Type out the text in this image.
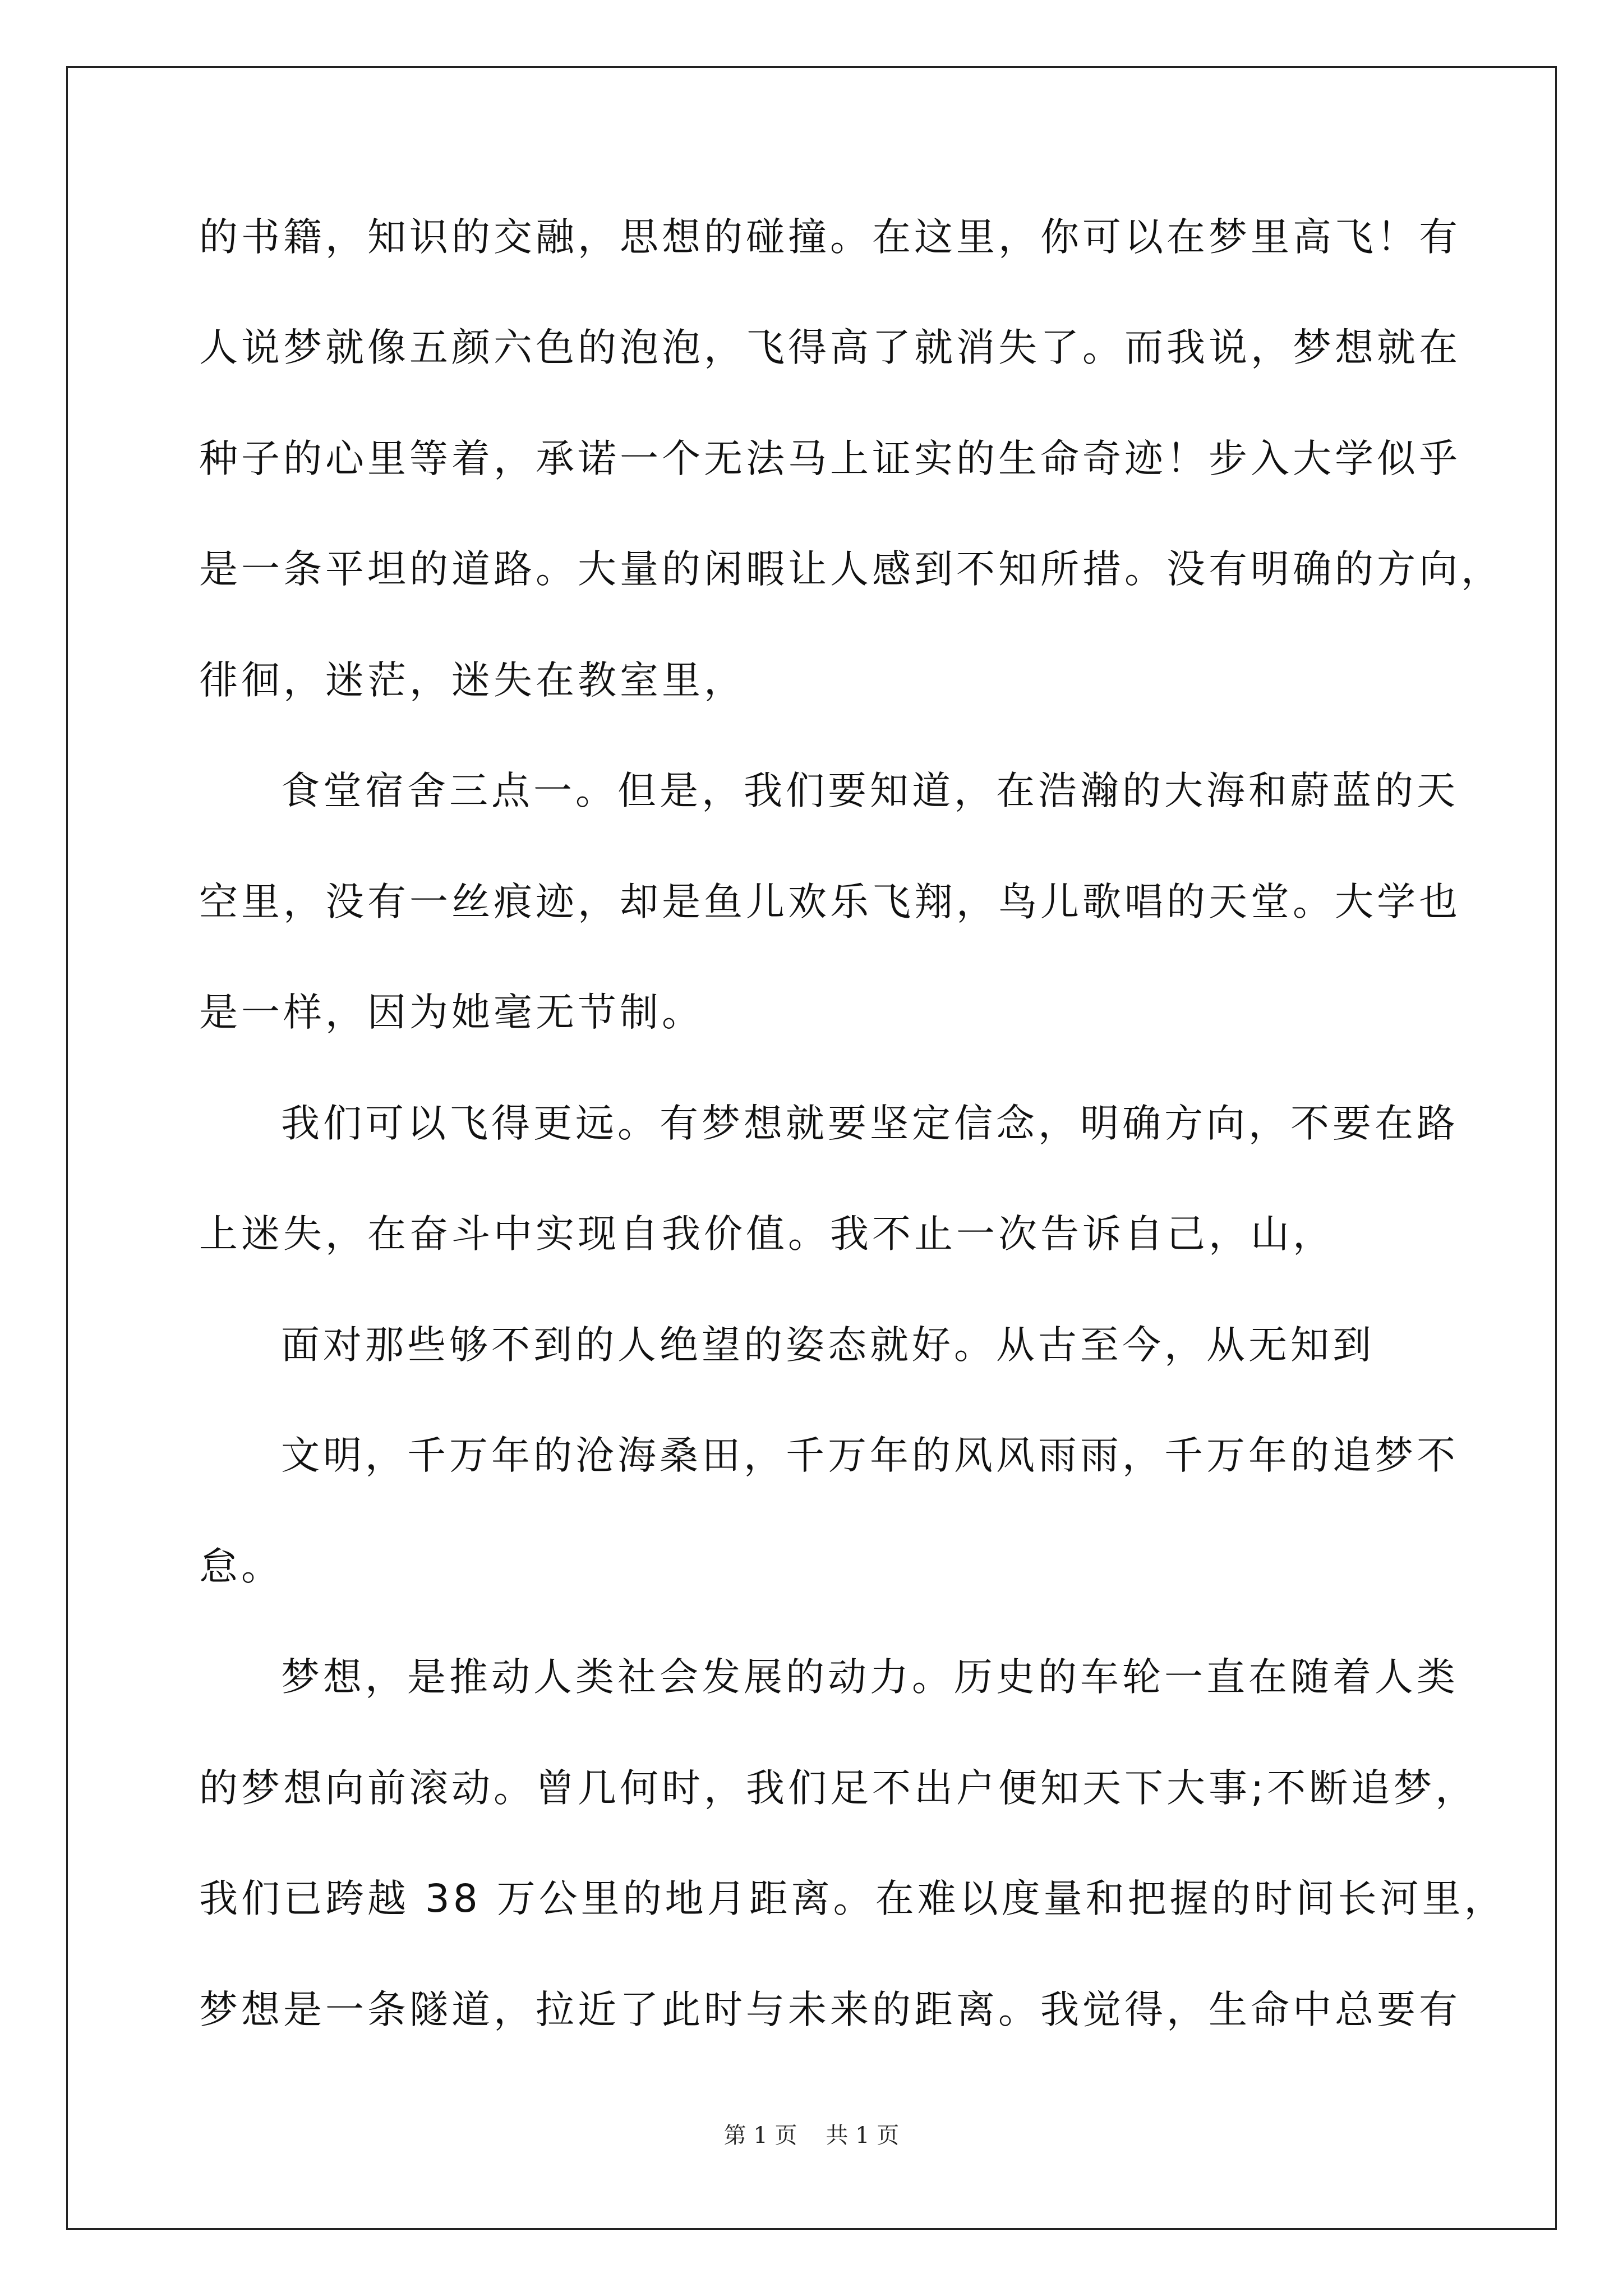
的书籍，知识的交融，思想的碰撞。在这里，你可以在梦里高飞！有
人说梦就像五颜六色的泡泡，飞得高了就消失了。而我说，梦想就在
种子的心里等着，承诺一个无法马上证实的生命奇迹！步入大学似乎
是一条平坦的道路。大量的闲暇让人感到不知所措。没有明确的方向，
徘徊，迷茫，迷失在教室里，
食堂宿舍三点一。但是，我们要知道，在浩瀚的大海和蔚蓝的天
空里，没有一丝痕迹，却是鱼儿欢乐飞翔，鸟儿歌唱的天堂。大学也
是一样，因为她毫无节制。
我们可以飞得更远。有梦想就要坚定信念，明确方向，不要在路
上迷失，在奋斗中实现自我价值。我不止一次告诉自己，山，
面对那些够不到的人绝望的姿态就好。从古至今，从无知到
文明，千万年的沧海桑田，千万年的风风雨雨，千万年的追梦不
怠。
梦想，是推动人类社会发展的动力。历史的车轮一直在随着人类
的梦想向前滚动。曾几何时，我们足不出户便知天下大事;不断追梦，
我们已跨越 38 万公里的地月距离。在难以度量和把握的时间长河里，
梦想是一条隧道，拉近了此时与未来的距离。我觉得，生命中总要有
第 1 页 共 1 页
